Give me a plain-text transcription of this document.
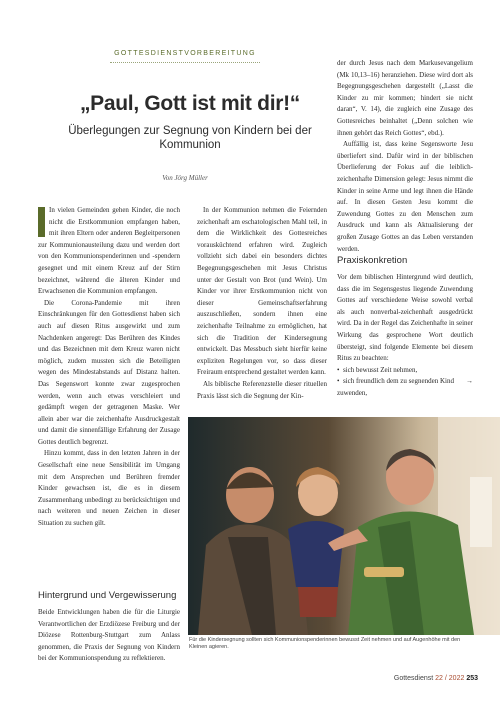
GOTTESDIENSTVORBEREITUNG
„Paul, Gott ist mit dir!“
Überlegungen zur Segnung von Kindern bei der Kommunion
Von Jörg Müller

In vielen Gemeinden gehen Kinder, die noch nicht die Erstkommunion empfangen haben, mit ihren Eltern oder anderen Begleitpersonen zur Kommunionausteilung dazu und werden dort von den Kommunionspenderinnen und -spendern gesegnet und mit einem Kreuz auf der Stirn bezeichnet, während die älteren Kinder und Erwachsenen die Kommunion empfangen.

Die Corona-Pandemie mit ihren Einschränkungen für den Gottesdienst haben sich auch auf diesen Ritus ausgewirkt und zum Nachdenken angeregt: Das Berühren des Kindes und das Bezeichnen mit dem Kreuz waren nicht möglich, zudem mussten sich die Beteiligten wegen des Mindestabstands auf Distanz halten. Das Segenswort konnte zwar zugesprochen werden, wenn auch etwas verschleiert und gedämpft wegen der getragenen Maske. Wer allein aber war die zeichenhafte Ausdruckgestalt und damit die sinnenfällige Erfahrung der Zusage Gottes deutlich begrenzt.

Hinzu kommt, dass in den letzten Jahren in der Gesellschaft eine neue Sensibilität im Umgang mit dem Ansprechen und Berühren fremder Kinder gewachsen ist, die es in diesem Zusammenhang unbedingt zu berücksichtigen und nach weiteren und neuen Zeichen in dieser Situation zu suchen gilt.

Hintergrund und Vergewisserung

Beide Entwicklungen haben die für die Liturgie Verantwortlichen der Erzdiözese Freiburg und der Diözese Rottenburg-Stuttgart zum Anlass genommen, die Praxis der Segnung von Kindern bei der Kommunionspendung zu reflektieren.

In der Kommunion nehmen die Feiernden zeichenhaft am eschatologischen Mahl teil, in dem die Wirklichkeit des Gottesreiches vorausküchtend erfahren wird. Zugleich vollzieht sich dabei ein besonders dichtes Begegnungsgeschehen mit Jesus Christus unter der Gestalt von Brot (und Wein). Um Kinder vor ihrer Erstkommunion nicht von dieser Gemeinschaftserfahrung auszuschließen, sondern ihnen eine zeichenhafte Teilnahme zu ermöglichen, hat sich die Tradition der Kindersegnung entwickelt. Das Messbuch sieht hierfür keine expliziten Regelungen vor, so dass dieser Freiraum entsprechend gestaltet werden kann.

Als biblische Referenzstelle dieser rituellen Praxis lässt sich die Segnung der Kin-

der durch Jesus nach dem Markusevangelium (Mk 10,13–16) heranziehen. Diese wird dort als Begegnungsgeschehen dargestellt („Lasst die Kinder zu mir kommen; hindert sie nicht daran“, V. 14), die zugleich eine Zusage des Gottesreiches beinhaltet („Denn solchen wie ihnen gehört das Reich Gottes“, ebd.).

Auffällig ist, dass keine Segensworte Jesu überliefert sind. Dafür wird in der biblischen Überlieferung der Fokus auf die leiblich-zeichenhafte Dimension gelegt: Jesus nimmt die Kinder in seine Arme und legt ihnen die Hände auf. In diesen Gesten Jesu kommt die Zuwendung Gottes zu den Menschen zum Ausdruck und kann als Aktualisierung der großen Zusage Gottes an das Leben verstanden werden.

Praxiskonkretion

Vor dem biblischen Hintergrund wird deutlich, dass die im Segensgestus liegende Zuwendung Gottes auf verschiedene Weise sowohl verbal als auch nonverbal-zeichenhaft ausgedrückt wird. Da in der Regel das Zeichenhafte in seiner Wirkung das gesprochene Wort deutlich übersteigt, sind folgende Elemente bei diesem Ritus zu beachten:

•  sich bewusst Zeit nehmen,

•  sich freundlich dem zu segnenden Kind zuwenden,
→

Für die Kindersegnung sollten sich Kommunionspenderinnen bewusst Zeit nehmen und auf Augenhöhe mit den Kleinen agieren.
Gottesdienst 22 / 2022 253
